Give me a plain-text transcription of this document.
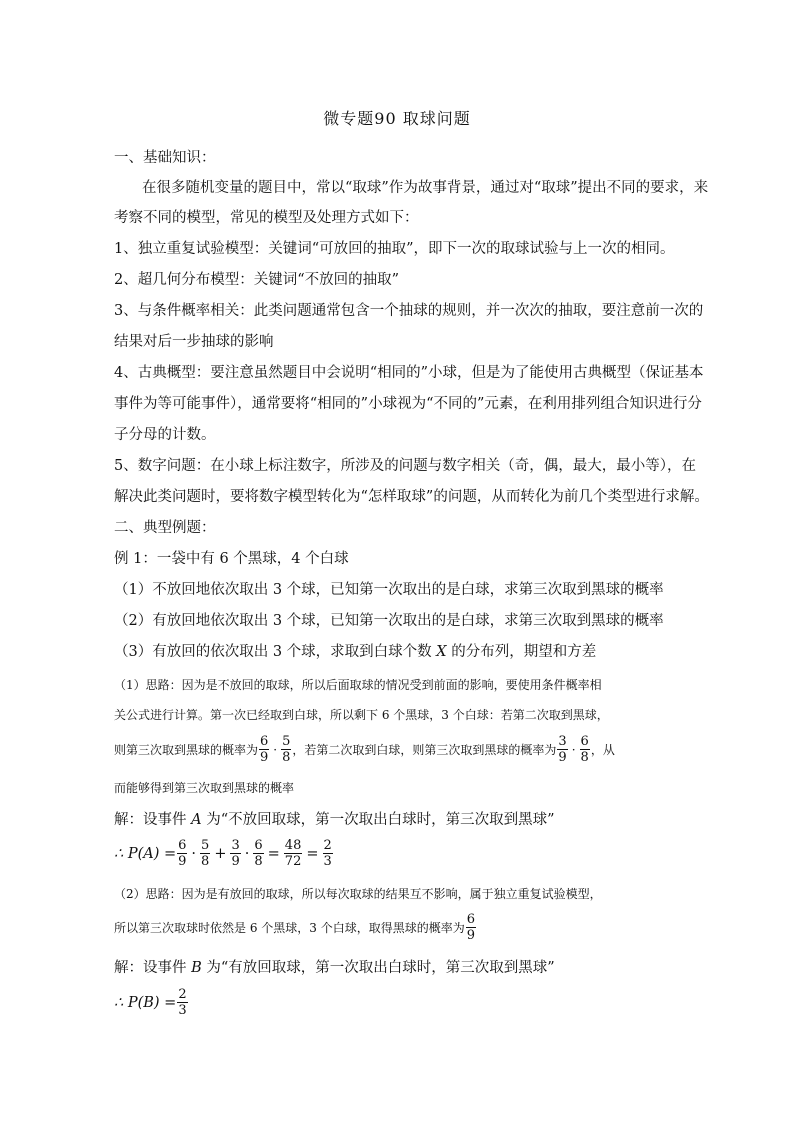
微专题90 取球问题
一、基础知识：
在很多随机变量的题目中，常以“取球”作为故事背景，通过对“取球”提出不同的要求，来
考察不同的模型，常见的模型及处理方式如下：
1、独立重复试验模型：关键词“可放回的抽取”，即下一次的取球试验与上一次的相同。
2、超几何分布模型：关键词“不放回的抽取”
3、与条件概率相关：此类问题通常包含一个抽球的规则，并一次次的抽取，要注意前一次的
结果对后一步抽球的影响
4、古典概型：要注意虽然题目中会说明“相同的”小球，但是为了能使用古典概型（保证基本
事件为等可能事件），通常要将“相同的”小球视为“不同的”元素，在利用排列组合知识进行分
子分母的计数。
5、数字问题：在小球上标注数字，所涉及的问题与数字相关（奇，偶，最大，最小等），在
解决此类问题时，要将数字模型转化为“怎样取球”的问题，从而转化为前几个类型进行求解。
二、典型例题：
例 1：一袋中有 6 个黑球，4 个白球
（1）不放回地依次取出 3 个球，已知第一次取出的是白球，求第三次取到黑球的概率
（2）有放回地依次取出 3 个球，已知第一次取出的是白球，求第三次取到黑球的概率
（3）有放回的依次取出 3 个球，求取到白球个数 X 的分布列，期望和方差
（1）思路：因为是不放回的取球，所以后面取球的情况受到前面的影响，要使用条件概率相
关公式进行计算。第一次已经取到白球，所以剩下 6 个黑球，3 个白球：若第二次取到黑球，
则第三次取到黑球的概率为 $\frac{6}{9} \cdot \frac{5}{8}$ ，若第二次取到白球，则第三次取到黑球的概率为 $\frac{3}{9} \cdot \frac{6}{8}$ ，从
而能够得到第三次取到黑球的概率
解：设事件 A 为“不放回取球，第一次取出白球时，第三次取到黑球”
∴ $P(A) = \frac{6}{9} \cdot \frac{5}{8} + \frac{3}{9} \cdot \frac{6}{8} = \frac{48}{72} = \frac{2}{3}$
（2）思路：因为是有放回的取球，所以每次取球的结果互不影响，属于独立重复试验模型，
所以第三次取球时依然是 6 个黑球，3 个白球，取得黑球的概率为 $\frac{6}{9}$
解：设事件 B 为“有放回取球，第一次取出白球时，第三次取到黑球”
∴ $P(B) = \frac{2}{3}$
